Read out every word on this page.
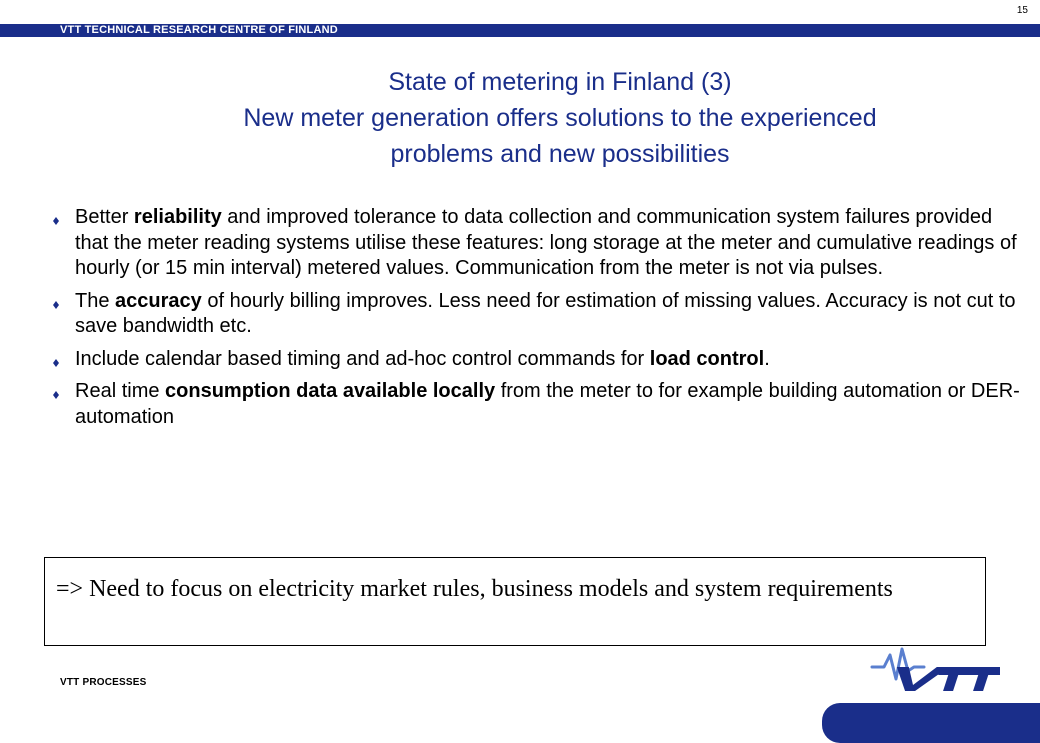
VTT TECHNICAL RESEARCH CENTRE OF FINLAND
15
State of metering in Finland (3)
New meter generation offers solutions to the experienced
problems and new possibilities
Better reliability and improved tolerance to data collection and communication system failures provided that the meter reading systems utilise these features: long storage at the meter and cumulative readings of hourly (or 15 min interval) metered values. Communication from the meter is not via pulses.
The accuracy of hourly billing improves. Less need for estimation of missing values. Accuracy is not cut to save bandwidth etc.
Include calendar based timing and ad-hoc control commands for load control.
Real time consumption data available locally from the meter to for example building automation or DER-automation
=> Need to focus on electricity market rules, business models and system requirements
VTT PROCESSES
